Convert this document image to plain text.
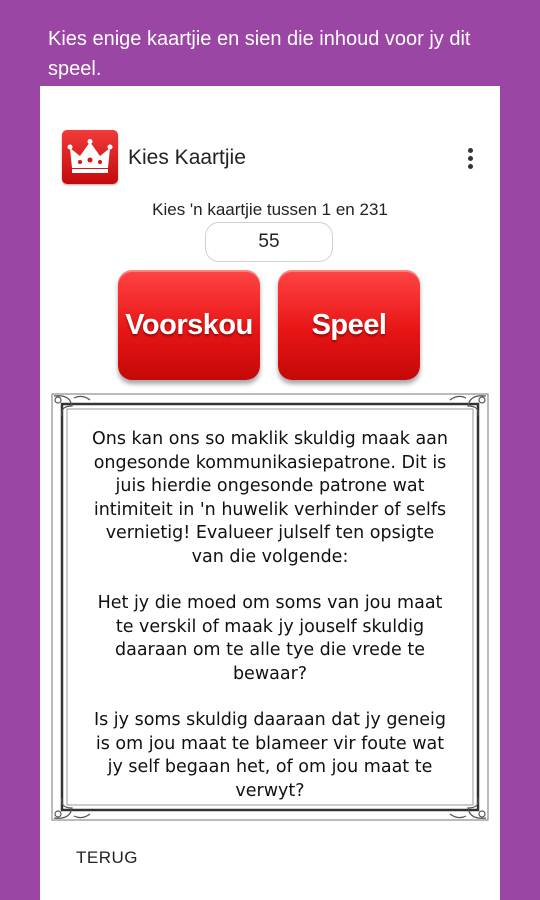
Kies enige kaartjie en sien die inhoud voor jy dit speel.
Kies Kaartjie
Kies 'n kaartjie tussen 1 en 231
55
Voorskou	Speel

Ons kan ons so maklik skuldig maak aan ongesonde kommunikasiepatrone. Dit is juis hierdie ongesonde patrone wat intimiteit in 'n huwelik verhinder of selfs vernietig! Evalueer julself ten opsigte van die volgende:

Het jy die moed om soms van jou maat te verskil of maak jy jouself skuldig daaraan om te alle tye die vrede te bewaar?

Is jy soms skuldig daaraan dat jy geneig is om jou maat te blameer vir foute wat jy self begaan het, of om jou maat te verwyt?

TERUG
